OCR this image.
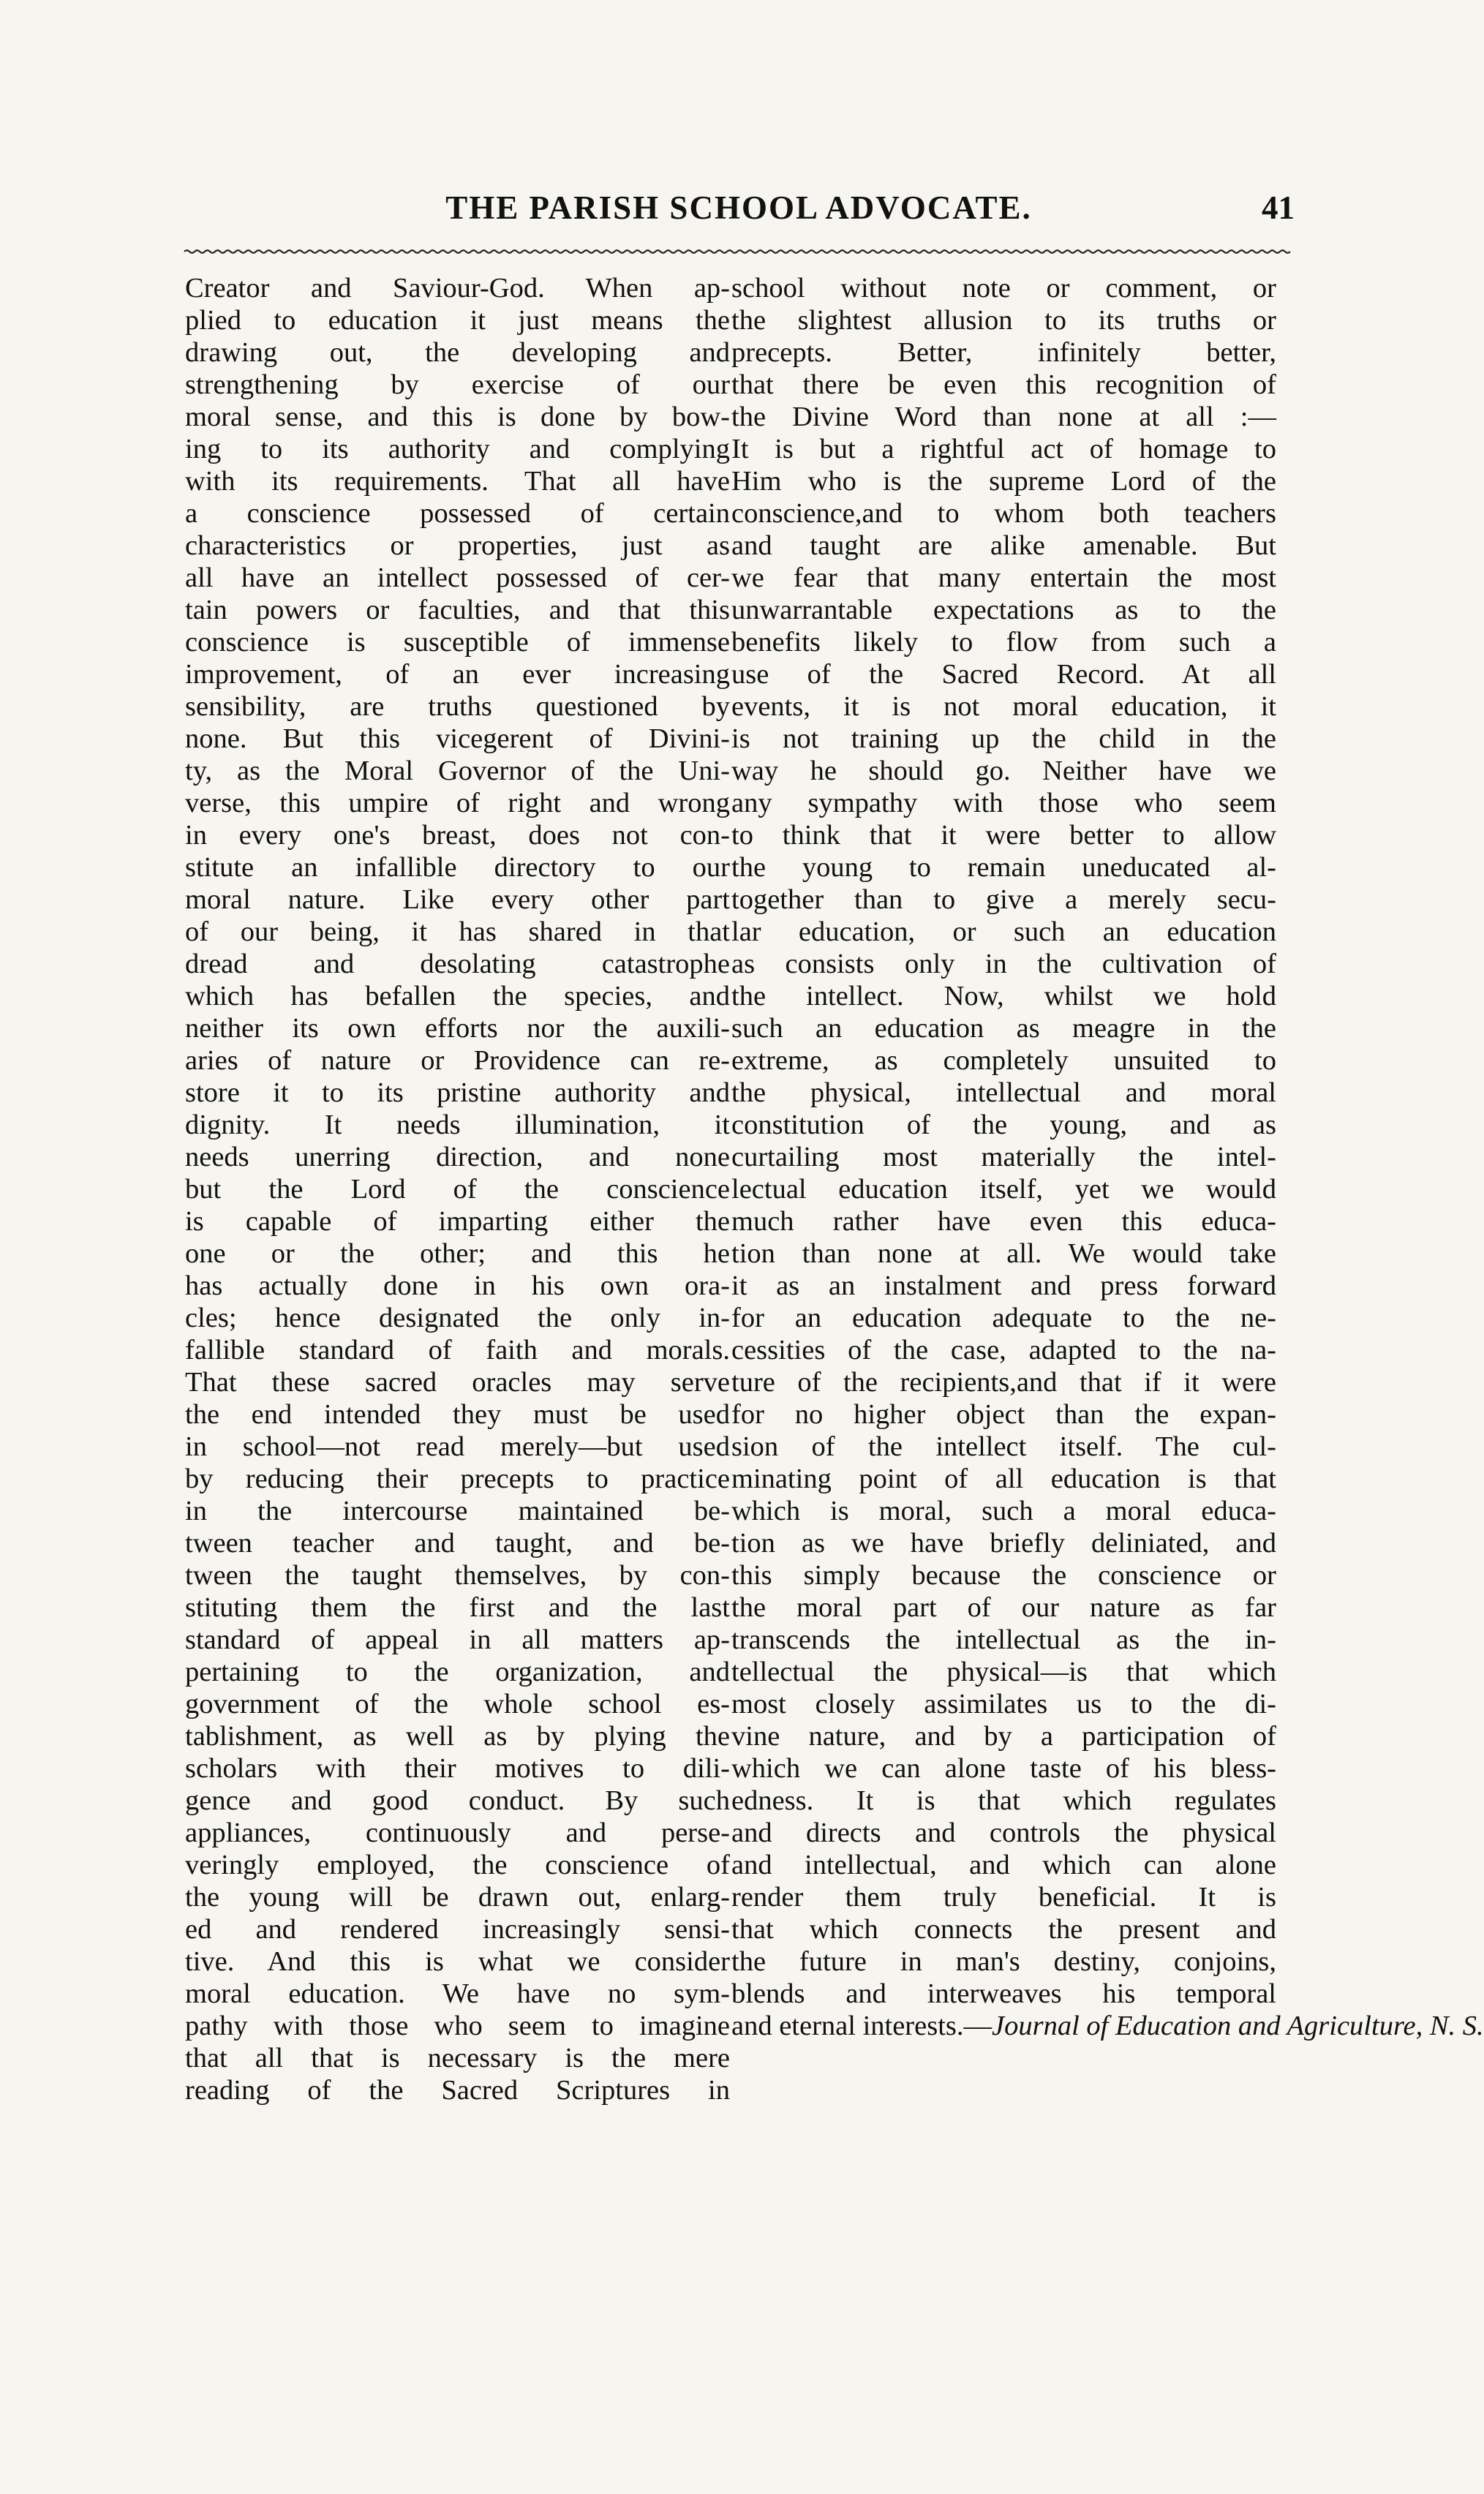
THE PARISH SCHOOL ADVOCATE.	41
Creator and Saviour-God. When ap-
plied to education it just means the
drawing out, the developing and
strengthening by exercise of our
moral sense, and this is done by bow-
ing to its authority and complying
with its requirements. That all have
a conscience possessed of certain
characteristics or properties, just as
all have an intellect possessed of cer-
tain powers or faculties, and that this
conscience is susceptible of immense
improvement, of an ever increasing
sensibility, are truths questioned by
none. But this vicegerent of Divini-
ty, as the Moral Governor of the Uni-
verse, this umpire of right and wrong
in every one's breast, does not con-
stitute an infallible directory to our
moral nature. Like every other part
of our being, it has shared in that
dread and desolating catastrophe
which has befallen the species, and
neither its own efforts nor the auxili-
aries of nature or Providence can re-
store it to its pristine authority and
dignity. It needs illumination, it
needs unerring direction, and none
but the Lord of the conscience
is capable of imparting either the
one or the other; and this he
has actually done in his own ora-
cles; hence designated the only in-
fallible standard of faith and morals.
That these sacred oracles may serve
the end intended they must be used
in school—not read merely—but used
by reducing their precepts to practice
in the intercourse maintained be-
tween teacher and taught, and be-
tween the taught themselves, by con-
stituting them the first and the last
standard of appeal in all matters ap-
pertaining to the organization, and
government of the whole school es-
tablishment, as well as by plying the
scholars with their motives to dili-
gence and good conduct. By such
appliances, continuously and perse-
veringly employed, the conscience of
the young will be drawn out, enlarg-
ed and rendered increasingly sensi-
tive. And this is what we consider
moral education. We have no sym-
pathy with those who seem to imagine
that all that is necessary is the mere
reading of the Sacred Scriptures in
school without note or comment, or
the slightest allusion to its truths or
precepts. Better, infinitely better,
that there be even this recognition of
the Divine Word than none at all :—
It is but a rightful act of homage to
Him who is the supreme Lord of the
conscience,and to whom both teachers
and taught are alike amenable. But
we fear that many entertain the most
unwarrantable expectations as to the
benefits likely to flow from such a
use of the Sacred Record. At all
events, it is not moral education, it
is not training up the child in the
way he should go. Neither have we
any sympathy with those who seem
to think that it were better to allow
the young to remain uneducated al-
together than to give a merely secu-
lar education, or such an education
as consists only in the cultivation of
the intellect. Now, whilst we hold
such an education as meagre in the
extreme, as completely unsuited to
the physical, intellectual and moral
constitution of the young, and as
curtailing most materially the intel-
lectual education itself, yet we would
much rather have even this educa-
tion than none at all. We would take
it as an instalment and press forward
for an education adequate to the ne-
cessities of the case, adapted to the na-
ture of the recipients,and that if it were
for no higher object than the expan-
sion of the intellect itself. The cul-
minating point of all education is that
which is moral, such a moral educa-
tion as we have briefly deliniated, and
this simply because the conscience or
the moral part of our nature as far
transcends the intellectual as the in-
tellectual the physical—is that which
most closely assimilates us to the di-
vine nature, and by a participation of
which we can alone taste of his bless-
edness. It is that which regulates
and directs and controls the physical
and intellectual, and which can alone
render them truly beneficial. It is
that which connects the present and
the future in man's destiny, conjoins,
blends and interweaves his temporal
and eternal interests.—Journal of Education and Agriculture, N. S.
